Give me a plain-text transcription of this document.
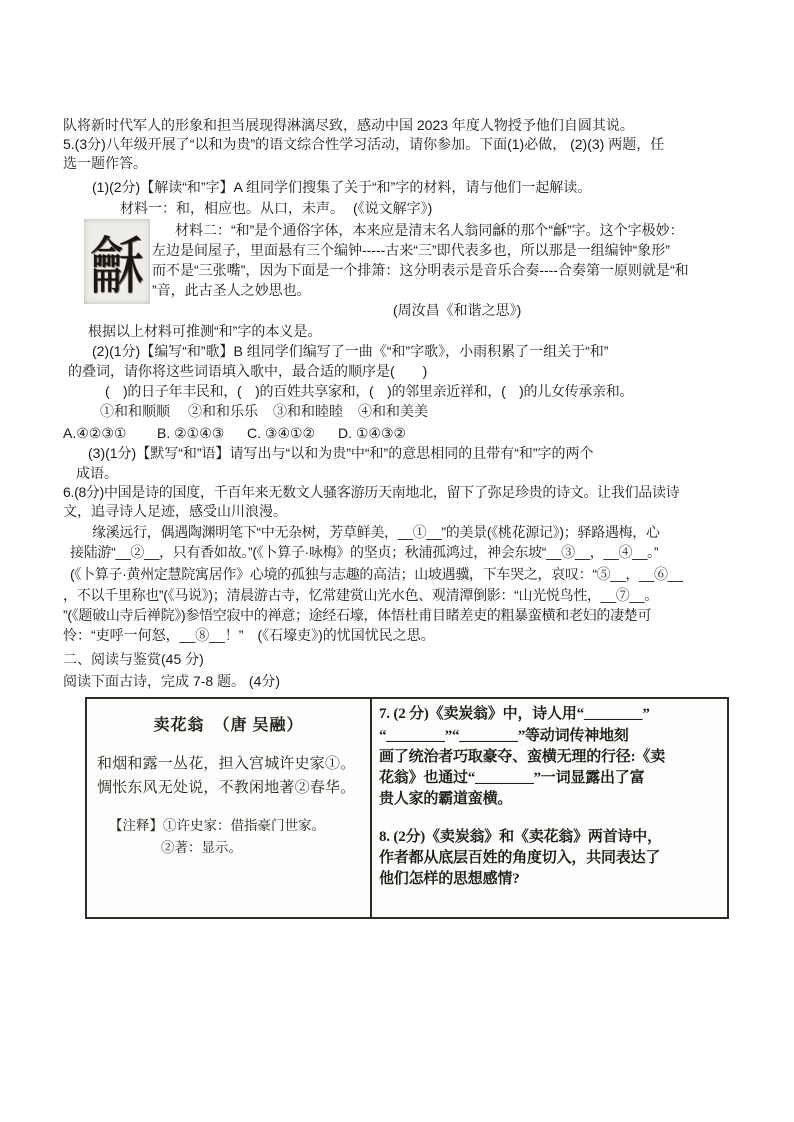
队将新时代军人的形象和担当展现得淋漓尽致，感动中国 2023 年度人物授予他们自圆其说。
5.(3分)八年级开展了“以和为贵”的语文综合性学习活动，请你参加。下面(1)必做， (2)(3) 两题，任
选一题作答。
(1)(2分)【解读“和”字】A 组同学们搜集了关于“和”字的材料，请与他们一起解读。
材料一：和，相应也。从口，未声。 (《说文解字》)
龢
材料二：“和”是个通俗字体，本来应是清末名人翁同龢的那个“龢”字。这个字极妙：
左边是间屋子，里面悬有三个编钟-----古来“三”即代表多也，所以那是一组编钟“象形”
而不是“三张嘴”，因为下面是一个排箫：这分明表示是音乐合奏----合奏第一原则就是“和
”音，此古圣人之妙思也。
(周汝昌《和谐之思》)
根据以上材料可推测“和”字的本义是。
(2)(1分)【编写“和”歌】B 组同学们编写了一曲《“和”字歌》，小雨积累了一组关于“和”
的叠词，请你将这些词语填入歌中，最合适的顺序是(　　)
(　)的日子年丰民和，(　)的百姓共享家和，(　)的邻里亲近祥和，(　)的儿女传承亲和。
①和和顺顺 ②和和乐乐 ③和和睦睦 ④和和美美
A.④②③① B. ②①④③ C. ③④①② D. ①④③②
(3)(1分)【默写“和”语】请写出与“以和为贵”中“和”的意思相同的且带有“和”字的两个
成语。
6.(8分)中国是诗的国度，千百年来无数文人骚客游历天南地北，留下了弥足珍贵的诗文。让我们品读诗
文，追寻诗人足迹，感受山川浪漫。
缘溪远行，偶遇陶渊明笔下“中无杂树，芳草鲜美，__①__”的美景(《桃花源记》)；驿路遇梅，心
接陆游“__②__，只有香如故。”(《卜算子·咏梅》的坚贞；秋浦孤鸿过，神会东坡“__③__，__④__。”
(《卜算子·黄州定慧院寓居作》心境的孤独与志趣的高洁；山坡遇骥，下车哭之，哀叹：“⑤__，__⑥__
，不以千里称也”(《马说》)；清晨游古寺，忆常建赏山光水色、观清潭倒影：“山光悦鸟性，__⑦__。
”(《题破山寺后禅院》)参悟空寂中的禅意；途经石壕，体悟杜甫目睹差吏的粗暴蛮横和老妇的凄楚可
怜：“吏呼一何怒，__⑧__！”　(《石壕吏》)的忧国忧民之思。
二、阅读与鉴赏(45 分)
阅读下面古诗，完成 7-8 题。 (4分)
卖花翁　（唐 吴融）
和烟和露一丛花，担入宫城许史家①。
惆怅东风无处说，不教闲地著②春华。
【注释】①许史家：借指豪门世家。
②著：显示。
7. (2 分)《卖炭翁》中，诗人用“________”
“________”“________”等动词传神地刻
画了统治者巧取豪夺、蛮横无理的行径:《卖
花翁》也通过“________”一词显露出了富
贵人家的霸道蛮横。
8. (2分)《卖炭翁》和《卖花翁》两首诗中，
作者都从底层百姓的角度切入，共同表达了
他们怎样的思想感情?
